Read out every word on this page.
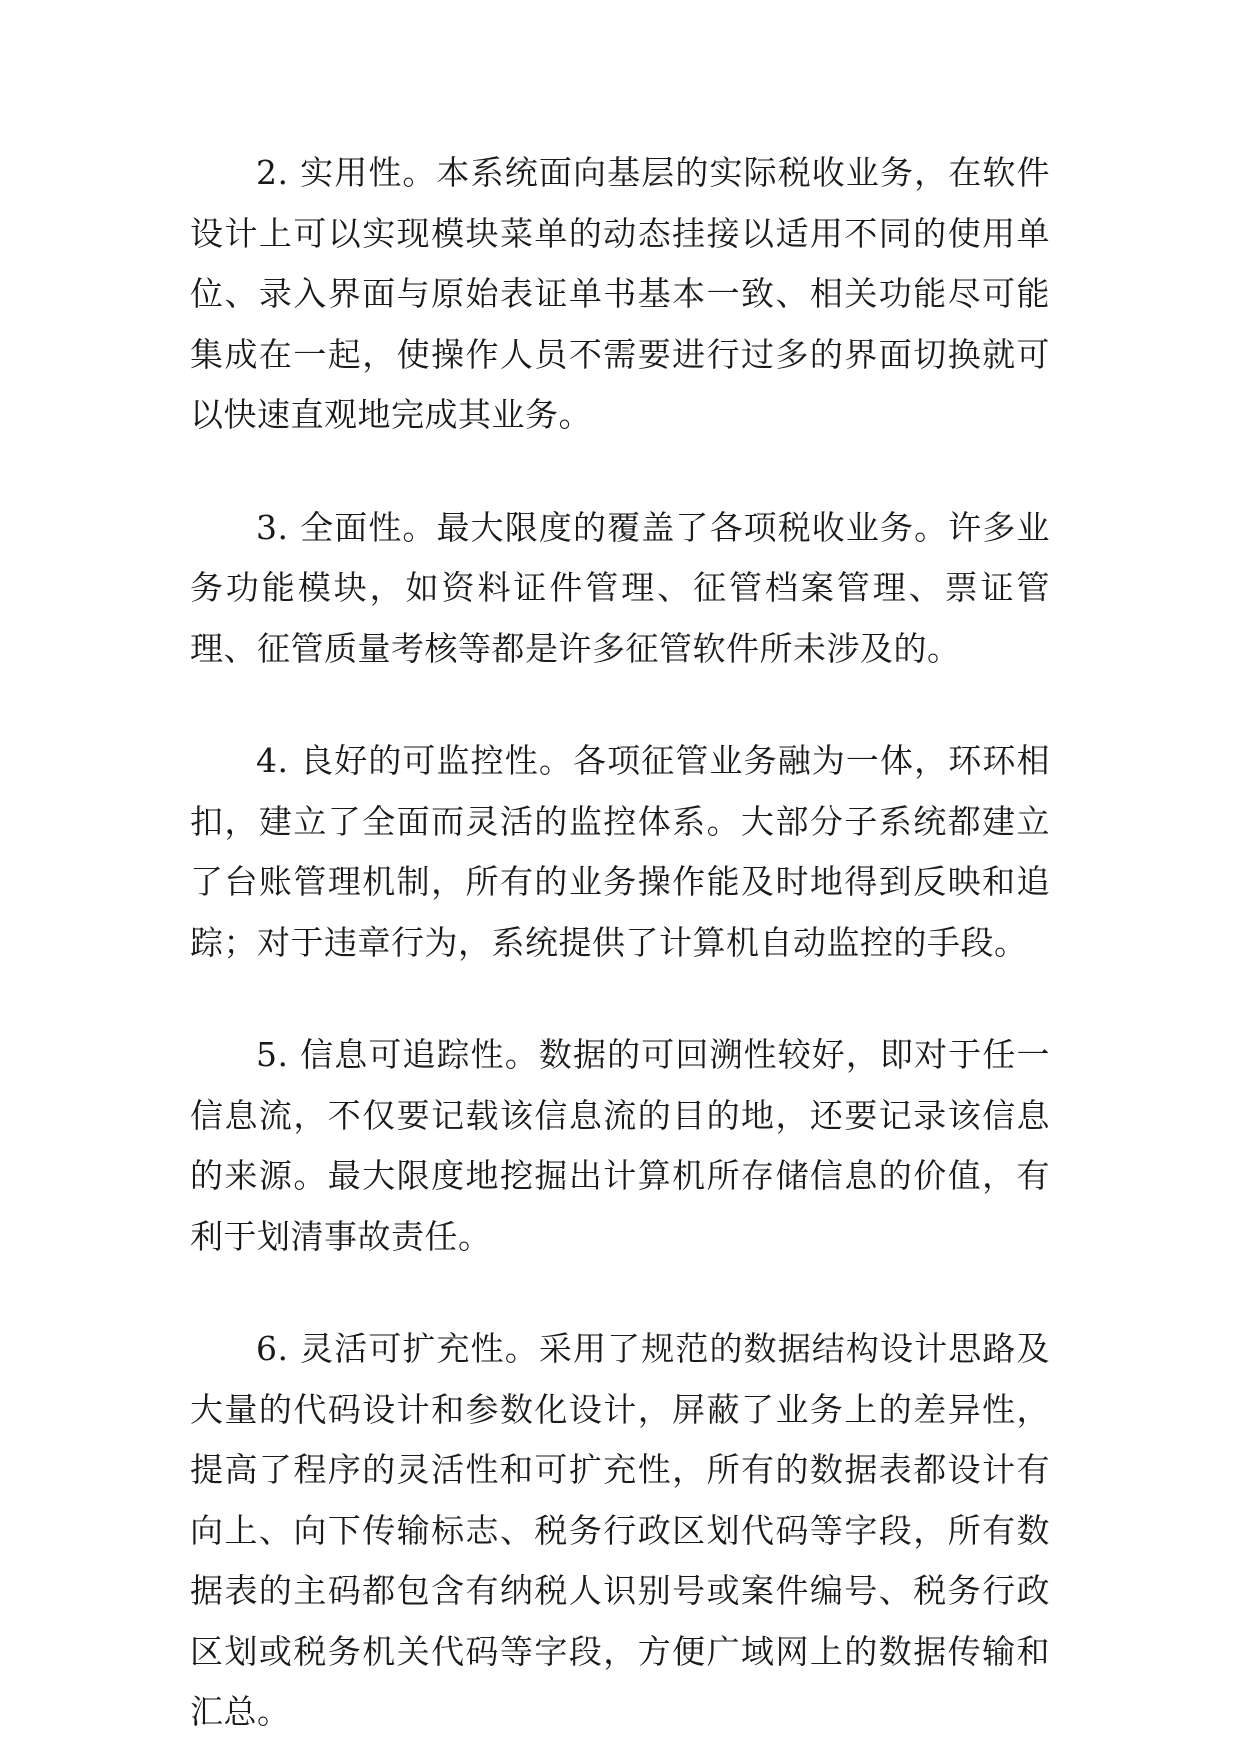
2. 实用性。本系统面向基层的实际税收业务，在软件设计上可以实现模块菜单的动态挂接以适用不同的使用单位、录入界面与原始表证单书基本一致、相关功能尽可能集成在一起，使操作人员不需要进行过多的界面切换就可以快速直观地完成其业务。

3. 全面性。最大限度的覆盖了各项税收业务。许多业务功能模块，如资料证件管理、征管档案管理、票证管理、征管质量考核等都是许多征管软件所未涉及的。

4. 良好的可监控性。各项征管业务融为一体，环环相扣，建立了全面而灵活的监控体系。大部分子系统都建立了台账管理机制，所有的业务操作能及时地得到反映和追踪；对于违章行为，系统提供了计算机自动监控的手段。

5. 信息可追踪性。数据的可回溯性较好，即对于任一信息流，不仅要记载该信息流的目的地，还要记录该信息的来源。最大限度地挖掘出计算机所存储信息的价值，有利于划清事故责任。

6. 灵活可扩充性。采用了规范的数据结构设计思路及大量的代码设计和参数化设计，屏蔽了业务上的差异性，提高了程序的灵活性和可扩充性，所有的数据表都设计有向上、向下传输标志、税务行政区划代码等字段，所有数据表的主码都包含有纳税人识别号或案件编号、税务行政区划或税务机关代码等字段，方便广域网上的数据传输和汇总。
